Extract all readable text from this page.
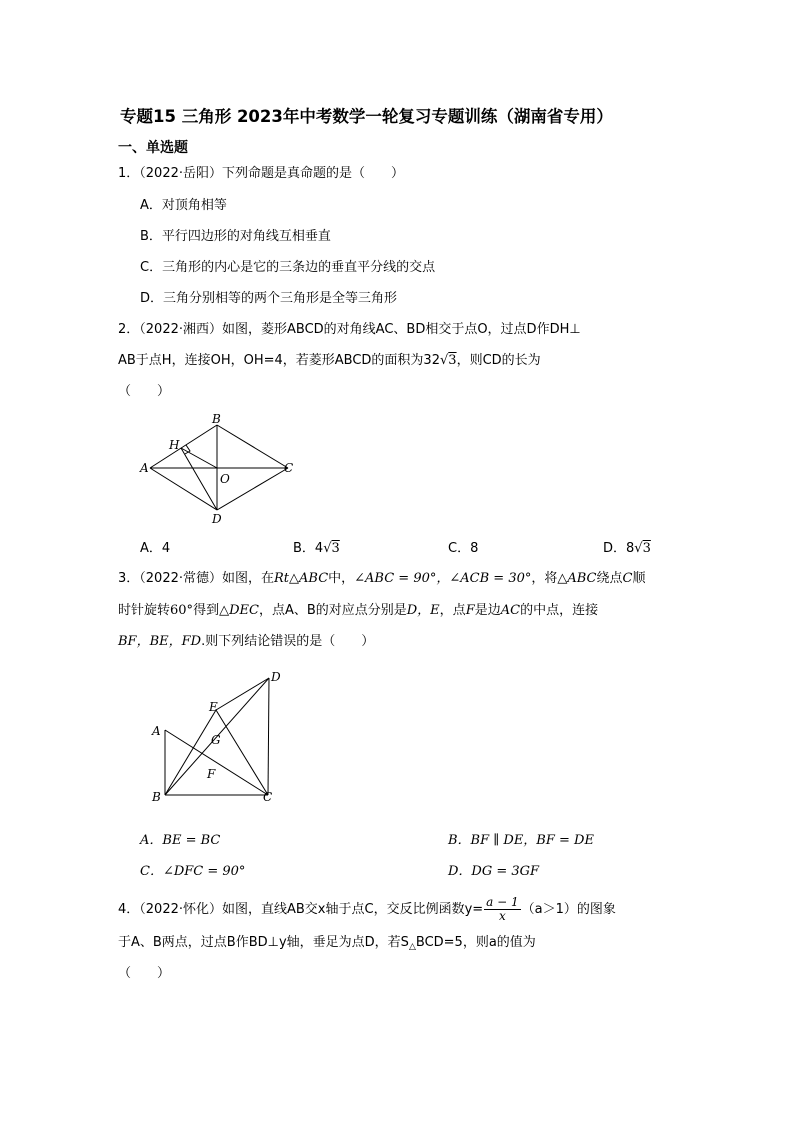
专题15 三角形 2023年中考数学一轮复习专题训练（湖南省专用）
一、单选题
1．（2022·岳阳）下列命题是真命题的是（　　）
A．对顶角相等
B．平行四边形的对角线互相垂直
C．三角形的内心是它的三条边的垂直平分线的交点
D．三角分别相等的两个三角形是全等三角形
2．（2022·湘西）如图，菱形ABCD的对角线AC、BD相交于点O，过点D作DH⊥
AB于点H，连接OH，OH=4，若菱形ABCD的面积为32√3，则CD的长为
（　　）
B
H
A
O
C
D
A．4	B．4√3	C．8	D．8√3
3．（2022·常德）如图，在Rt△ABC中，∠ABC = 90°，∠ACB = 30°，将△ABC绕点C顺
时针旋转60°得到△DEC，点A、B的对应点分别是D，E，点F是边AC的中点，连接
BF，BE，FD.则下列结论错误的是（　　）
E
D
A
G
F
B	C
A．BE = BC	B．BF ∥ DE，BF = DE
C．∠DFC = 90°	D．DG = 3GF
4．（2022·怀化）如图，直线AB交x轴于点C，交反比例函数$y= \frac{a - 1}{x} (a>1)$的图象
于A、B两点，过点B作BD⊥y轴，垂足为点D，若$S_\triangle BCD=5$，则a的值为
（　　）
